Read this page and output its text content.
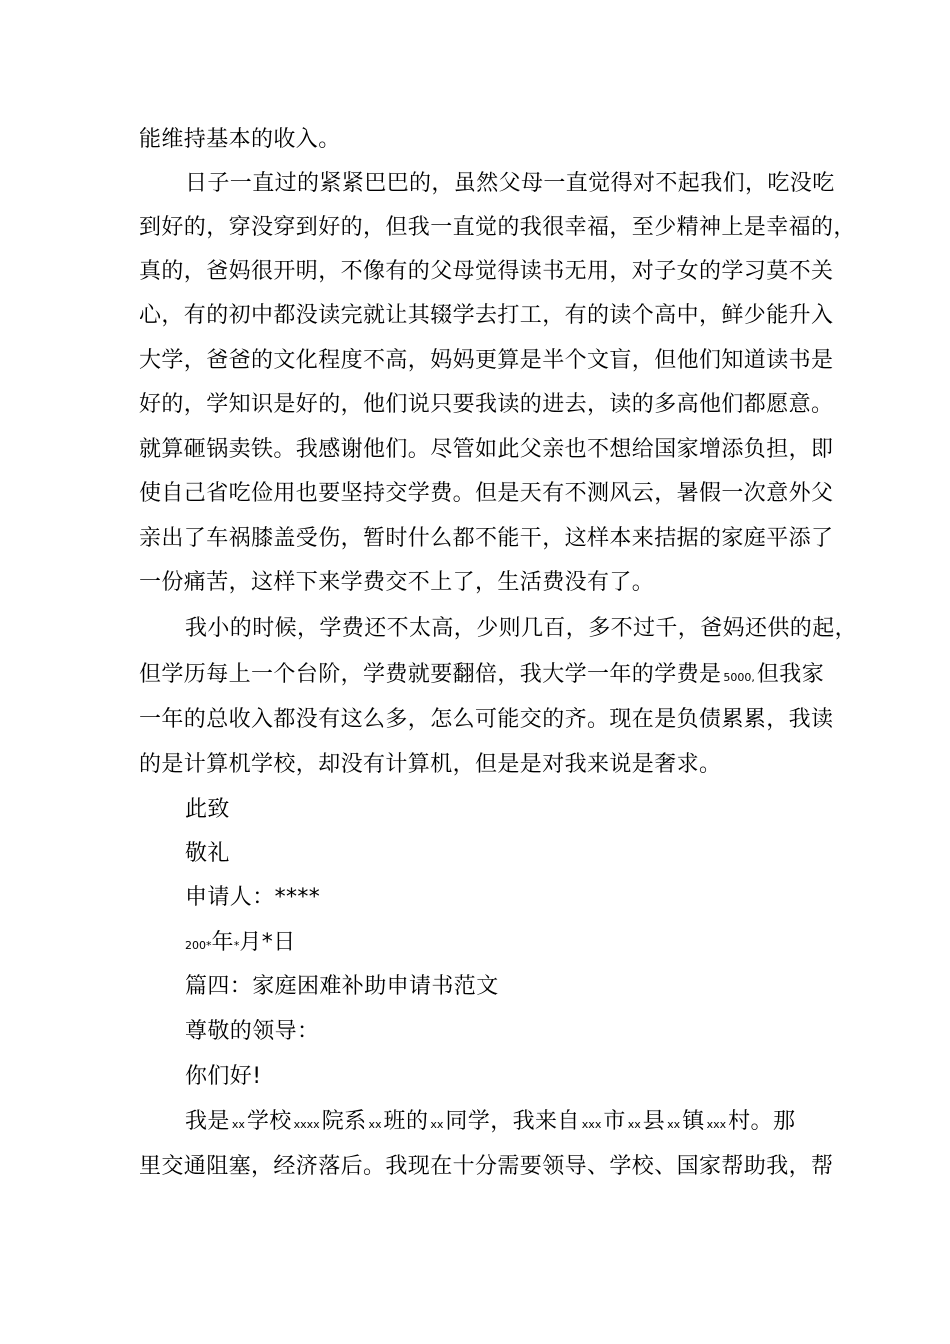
能维持基本的收入。
日子一直过的紧紧巴巴的，虽然父母一直觉得对不起我们，吃没吃
到好的，穿没穿到好的，但我一直觉的我很幸福，至少精神上是幸福的，
真的，爸妈很开明，不像有的父母觉得读书无用，对子女的学习莫不关
心，有的初中都没读完就让其辍学去打工，有的读个高中，鲜少能升入
大学，爸爸的文化程度不高，妈妈更算是半个文盲，但他们知道读书是
好的，学知识是好的，他们说只要我读的进去，读的多高他们都愿意。
就算砸锅卖铁。我感谢他们。尽管如此父亲也不想给国家增添负担，即
使自己省吃俭用也要坚持交学费。但是天有不测风云，暑假一次意外父
亲出了车祸膝盖受伤，暂时什么都不能干，这样本来拮据的家庭平添了
一份痛苦，这样下来学费交不上了，生活费没有了。
我小的时候，学费还不太高，少则几百，多不过千，爸妈还供的起，
但学历每上一个台阶，学费就要翻倍，我大学一年的学费是 5000,但我家
一年的总收入都没有这么多，怎么可能交的齐。现在是负债累累，我读
的是计算机学校，却没有计算机，但是是对我来说是奢求。
此致
敬礼
申请人：****
200*年*月*日
篇四：家庭困难补助申请书范文
尊敬的领导：
你们好!
我是 xx学校 xxxx院系 xx班的 xx同学，我来自 xxx市 xx县 xx镇 xxx村。那
里交通阻塞，经济落后。我现在十分需要领导、学校、国家帮助我，帮
